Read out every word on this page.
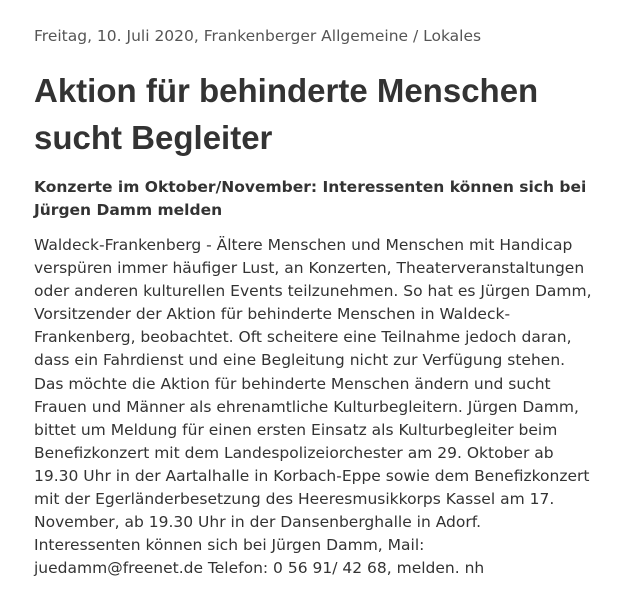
Freitag, 10. Juli 2020, Frankenberger Allgemeine / Lokales
Aktion für behinderte Menschen
sucht Begleiter
Konzerte im Oktober/November: Interessenten können sich bei
Jürgen Damm melden

Waldeck-Frankenberg - Ältere Menschen und Menschen mit Handicap
verspüren immer häufiger Lust, an Konzerten, Theaterveranstaltungen
oder anderen kulturellen Events teilzunehmen. So hat es Jürgen Damm,
Vorsitzender der Aktion für behinderte Menschen in Waldeck-
Frankenberg, beobachtet. Oft scheitere eine Teilnahme jedoch daran,
dass ein Fahrdienst und eine Begleitung nicht zur Verfügung stehen.
Das möchte die Aktion für behinderte Menschen ändern und sucht
Frauen und Männer als ehrenamtliche Kulturbegleitern. Jürgen Damm,
bittet um Meldung für einen ersten Einsatz als Kulturbegleiter beim
Benefizkonzert mit dem Landespolizeiorchester am 29. Oktober ab
19.30 Uhr in der Aartalhalle in Korbach-Eppe sowie dem Benefizkonzert
mit der Egerländerbesetzung des Heeresmusikkorps Kassel am 17.
November, ab 19.30 Uhr in der Dansenberghalle in Adorf.
Interessenten können sich bei Jürgen Damm, Mail:
juedamm@freenet.de Telefon: 0 56 91/ 42 68, melden. nh
